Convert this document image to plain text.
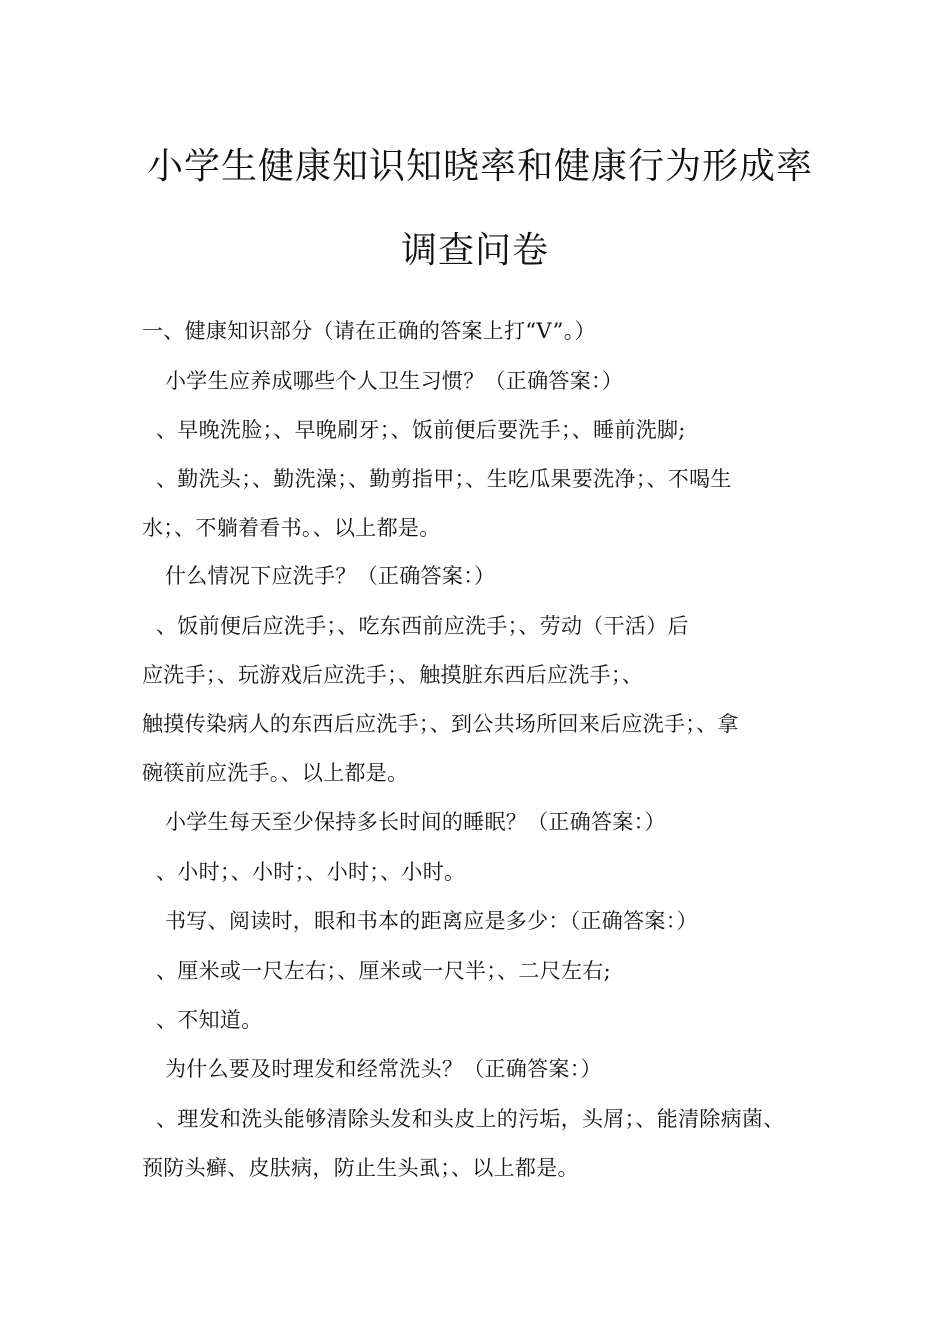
小学生健康知识知晓率和健康行为形成率
调查问卷
一、健康知识部分（请在正确的答案上打“V”。）
小学生应养成哪些个人卫生习惯？（正确答案：）
、早晚洗脸；、早晚刷牙；、饭前便后要洗手；、睡前洗脚;
、勤洗头；、勤洗澡；、勤剪指甲；、生吃瓜果要洗净；、不喝生
水；、不躺着看书。、以上都是。
什么情况下应洗手？（正确答案：）
、饭前便后应洗手；、吃东西前应洗手；、劳动（干活）后
应洗手；、玩游戏后应洗手；、触摸脏东西后应洗手；、
触摸传染病人的东西后应洗手；、到公共场所回来后应洗手；、拿
碗筷前应洗手。、以上都是。
小学生每天至少保持多长时间的睡眠？（正确答案：）
、小时；、小时；、小时；、小时。
书写、阅读时，眼和书本的距离应是多少：（正确答案：）
、厘米或一尺左右；、厘米或一尺半；、二尺左右;
、不知道。
为什么要及时理发和经常洗头？（正确答案：）
、理发和洗头能够清除头发和头皮上的污垢，头屑；、能清除病菌、
预防头癣、皮肤病，防止生头虱；、以上都是。
